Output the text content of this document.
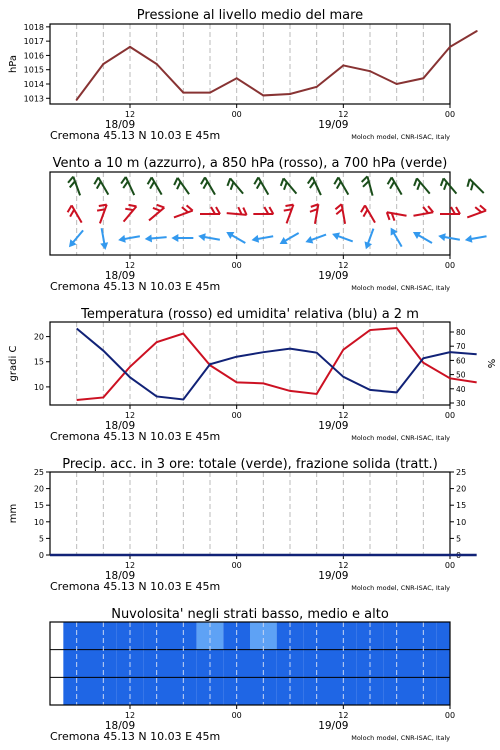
Pressione al livello medio del mare
12	00	12	00
18/09	19/09
Cremona 45.13 N 10.03 E 45m	Moloch model, CNR-ISAC, Italy
1013
1014
1015
1016
1017
1018
hPa
Vento a 10 m (azzurro), a 850 hPa (rosso), a 700 hPa (verde)
12	00	12	00
18/09	19/09
Cremona 45.13 N 10.03 E 45m	Moloch model, CNR-ISAC, Italy
Temperatura (rosso) ed umidita' relativa (blu) a 2 m
12	00	12	00
18/09	19/09
Cremona 45.13 N 10.03 E 45m	Moloch model, CNR-ISAC, Italy
10
15
20
30
40
50
60
70
80
gradi C	%
Precip. acc. in 3 ore: totale (verde), frazione solida (tratt.)
12	00	12	00
18/09	19/09
Cremona 45.13 N 10.03 E 45m	Moloch model, CNR-ISAC, Italy
0	0
5	5
10	10
15	15
20	20
25	25
mm
Nuvolosita' negli strati basso, medio e alto
12	00	12	00
18/09	19/09
Cremona 45.13 N 10.03 E 45m	Moloch model, CNR-ISAC, Italy
